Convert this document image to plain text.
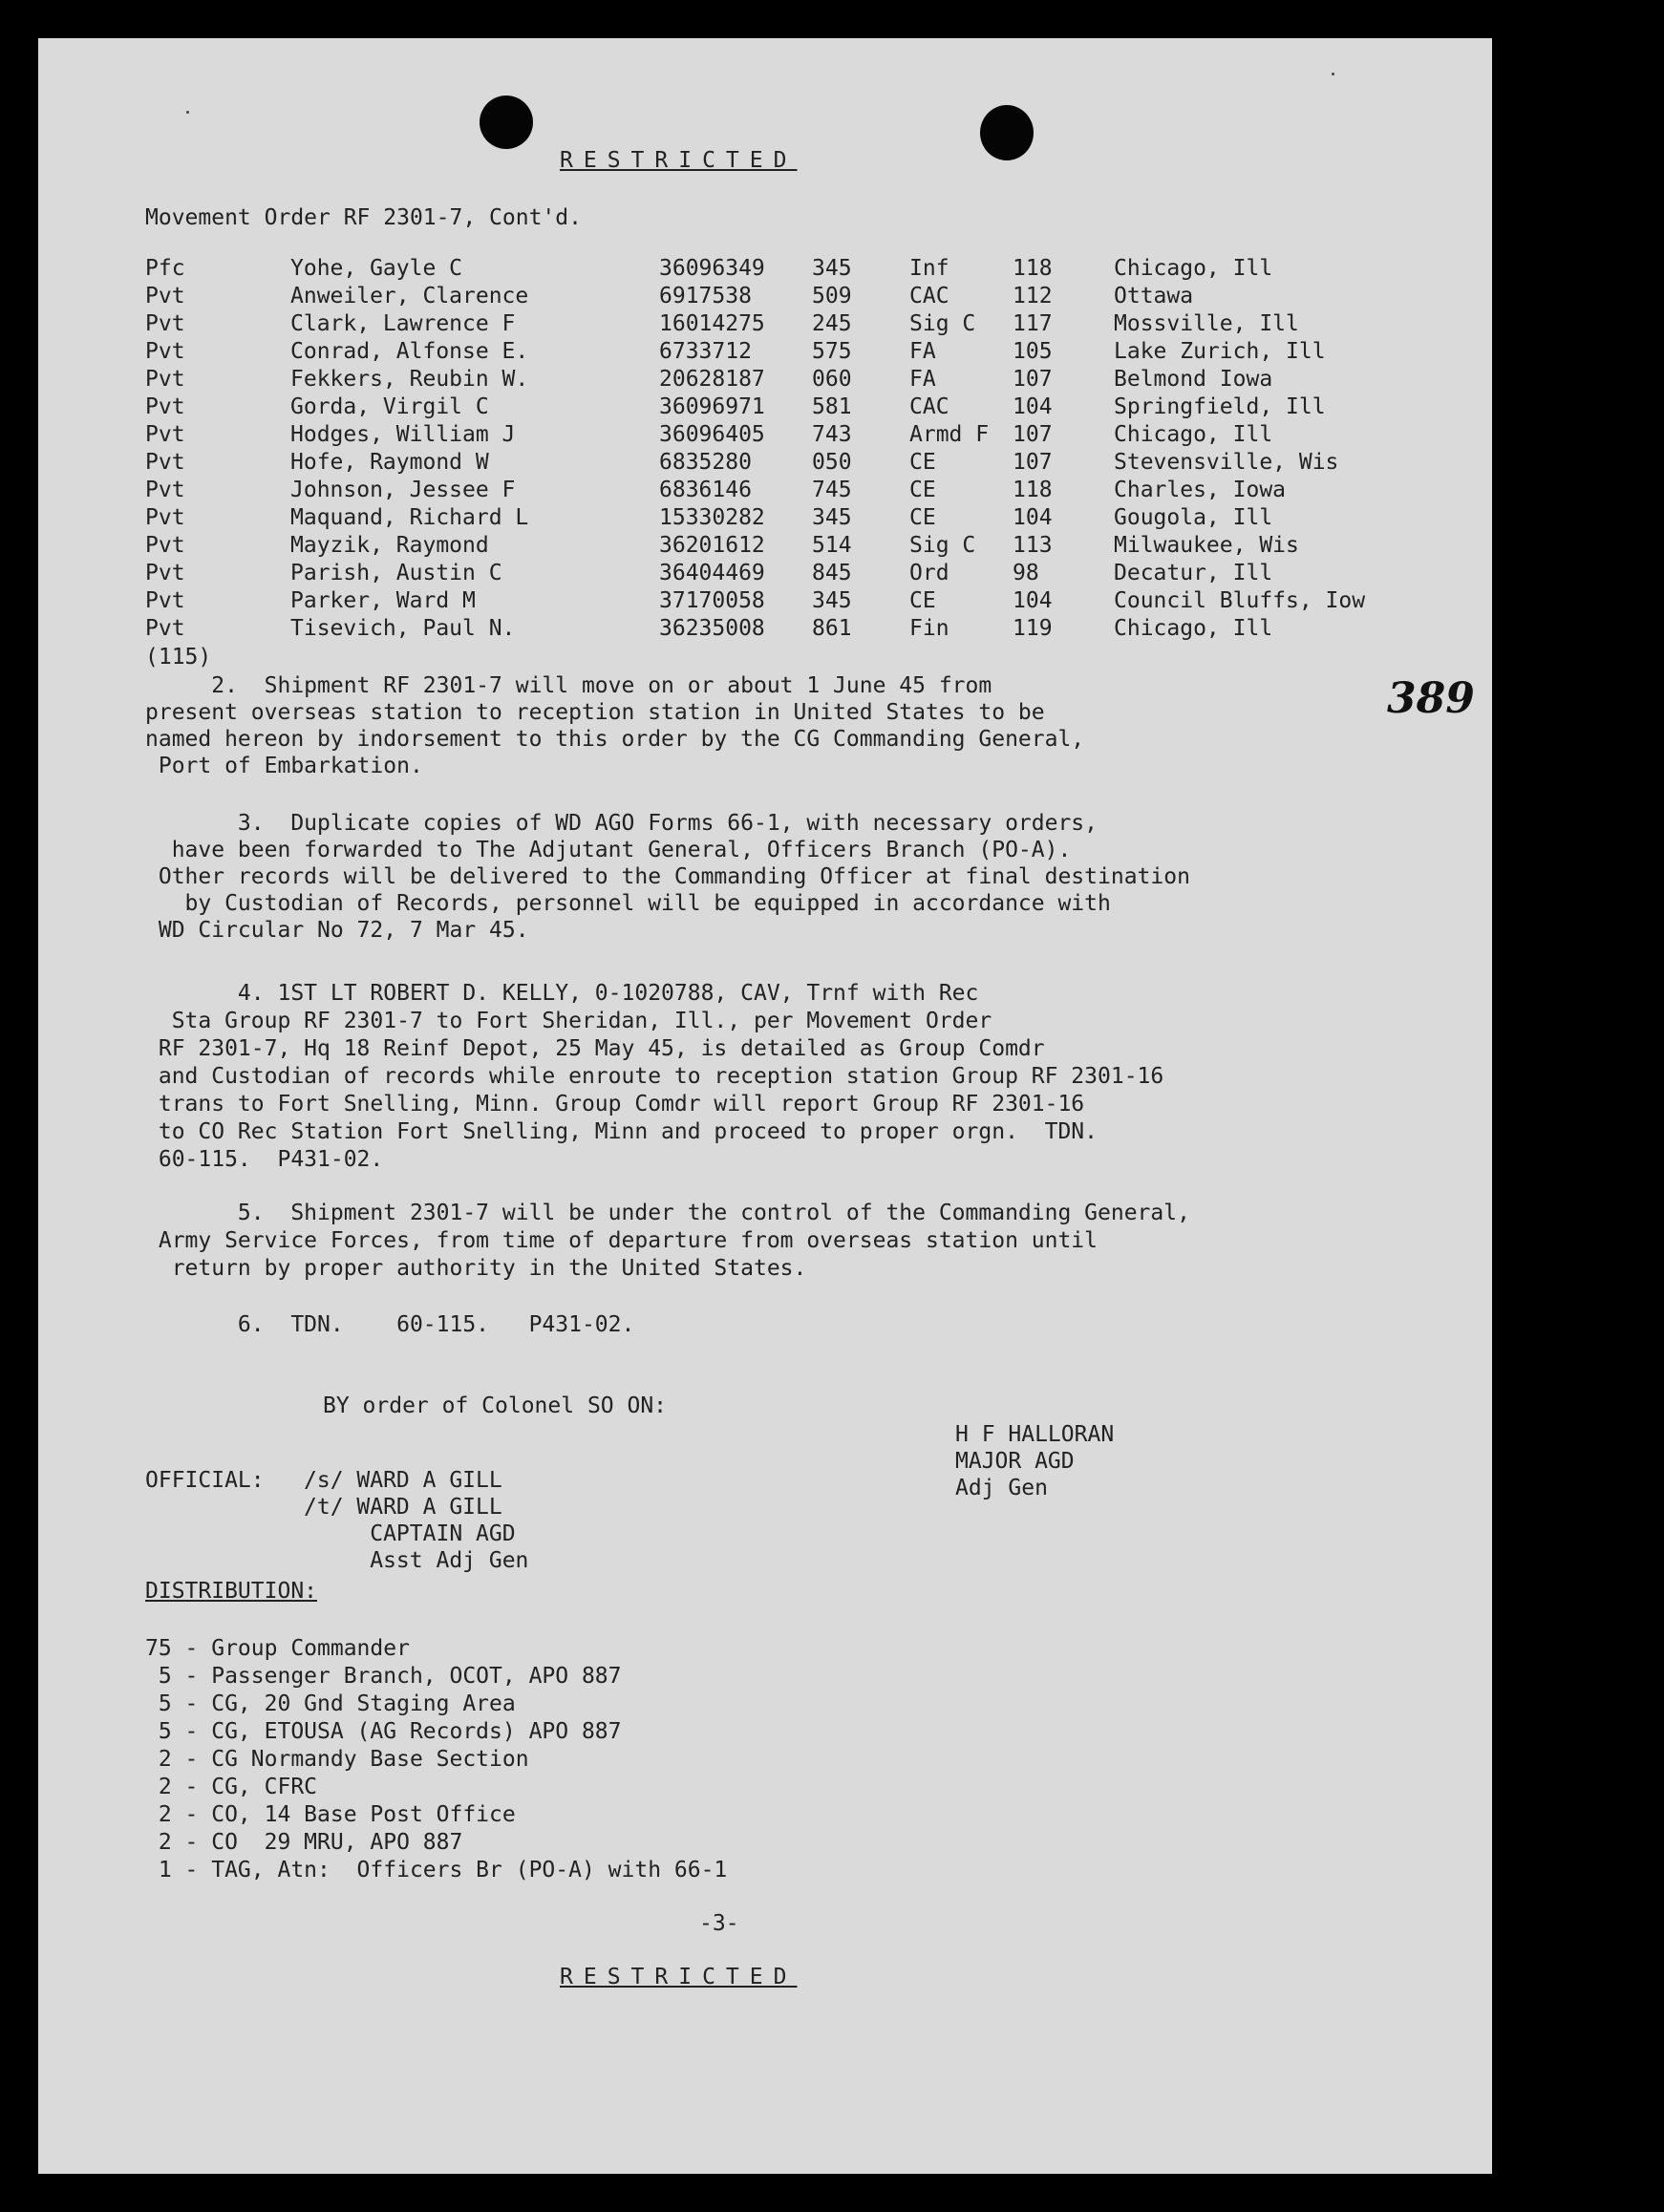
RESTRICTED
Movement Order RF 2301-7, Cont'd.
Pfc	Yohe, Gayle C	36096349 345	Inf	118	Chicago, Ill
Pvt	Anweiler, Clarence	6917538	509	CAC	112	Ottawa
Pvt	Clark, Lawrence F	16014275 245	Sig C 117	Mossville, Ill
Pvt	Conrad, Alfonse E.	6733712	575	FA	105	Lake Zurich, Ill
Pvt	Fekkers, Reubin W.	20628187 060	FA	107	Belmond Iowa
Pvt	Gorda, Virgil C	36096971 581	CAC	104	Springfield, Ill
Pvt	Hodges, William J	36096405 743	Armd F 107	Chicago, Ill
Pvt	Hofe, Raymond W	6835280	050	CE	107	Stevensville, Wis
Pvt	Johnson, Jessee F	6836146	745	CE	118	Charles, Iowa
Pvt	Maquand, Richard L	15330282 345	CE	104	Gougola, Ill
Pvt	Mayzik, Raymond	36201612 514	Sig C 113	Milwaukee, Wis
Pvt	Parish, Austin C	36404469 845	Ord	98	Decatur, Ill
Pvt	Parker, Ward M	37170058 345	CE	104	Council Bluffs, Iow
Pvt	Tisevich, Paul N.	36235008 861	Fin	119	Chicago, Ill
(115)
2.  Shipment RF 2301-7 will move on or about 1 June 45 from
present overseas station to reception station in United States to be
named hereon by indorsement to this order by the CG Commanding General,
Port of Embarkation.
3.  Duplicate copies of WD AGO Forms 66-1, with necessary orders,
have been forwarded to The Adjutant General, Officers Branch (PO-A).
Other records will be delivered to the Commanding Officer at final destination
by Custodian of Records, personnel will be equipped in accordance with
WD Circular No 72, 7 Mar 45.
4. 1ST LT ROBERT D. KELLY, 0-1020788, CAV, Trnf with Rec
Sta Group RF 2301-7 to Fort Sheridan, Ill., per Movement Order
RF 2301-7, Hq 18 Reinf Depot, 25 May 45, is detailed as Group Comdr
and Custodian of records while enroute to reception station Group RF 2301-16
trans to Fort Snelling, Minn. Group Comdr will report Group RF 2301-16
to CO Rec Station Fort Snelling, Minn and proceed to proper orgn.  TDN.
60-115.  P431-02.
5.  Shipment 2301-7 will be under the control of the Commanding General,
Army Service Forces, from time of departure from overseas station until
return by proper authority in the United States.
6.  TDN.    60-115.   P431-02.
BY order of Colonel SO ON:
H F HALLORAN
MAJOR AGD
Adj Gen
OFFICIAL: /s/ WARD A GILL
/t/ WARD A GILL
CAPTAIN AGD
Asst Adj Gen
DISTRIBUTION:
75 - Group Commander
5 - Passenger Branch, OCOT, APO 887
5 - CG, 20 Gnd Staging Area
5 - CG, ETOUSA (AG Records) APO 887
2 - CG Normandy Base Section
2 - CG, CFRC
2 - CO, 14 Base Post Office
2 - CO  29 MRU, APO 887
1 - TAG, Atn:  Officers Br (PO-A) with 66-1
-3-
RESTRICTED
389
